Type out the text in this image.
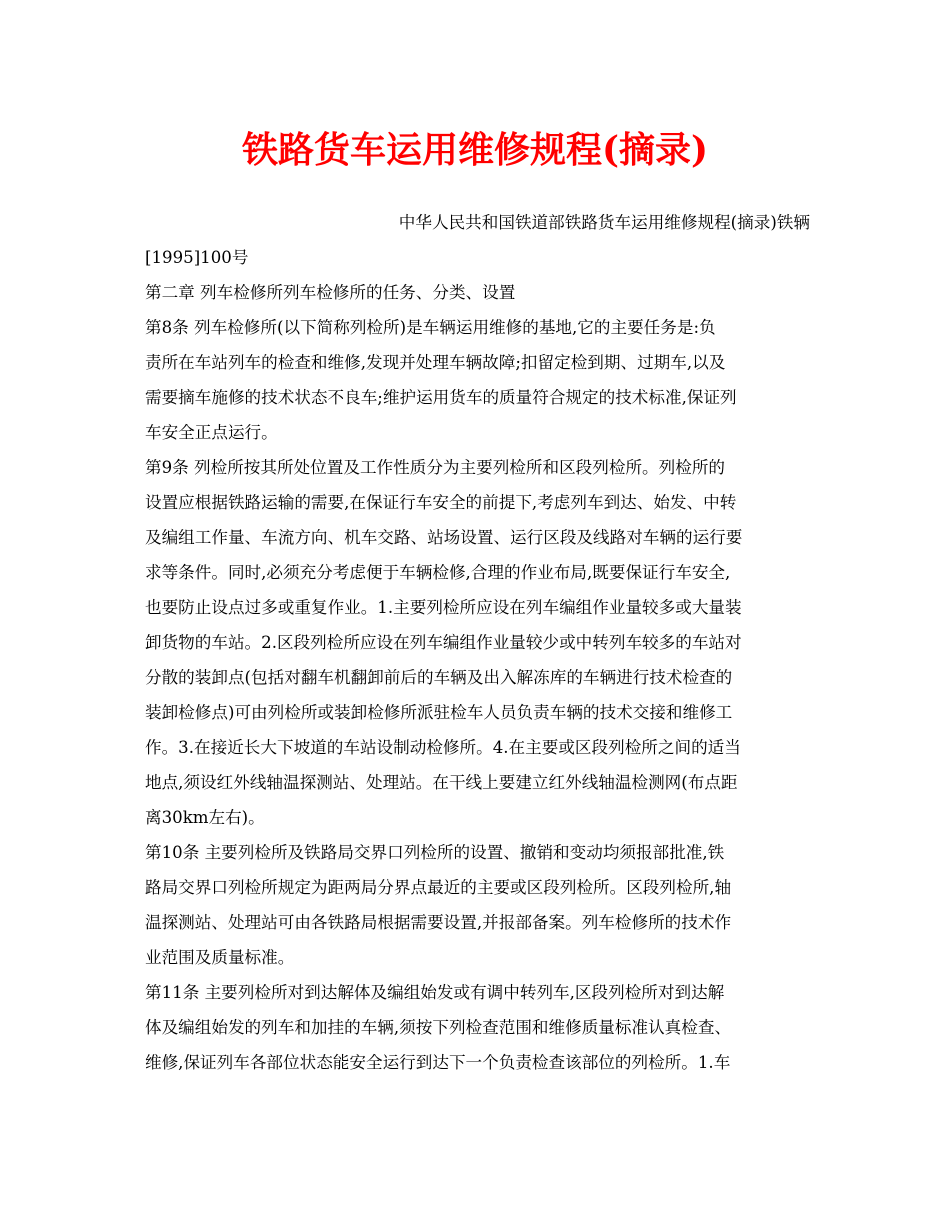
铁路货车运用维修规程(摘录)
中华人民共和国铁道部铁路货车运用维修规程(摘录)铁辆
[1995]100号
第二章 列车检修所列车检修所的任务、分类、设置
第8条 列车检修所(以下简称列检所)是车辆运用维修的基地,它的主要任务是:负
责所在车站列车的检查和维修,发现并处理车辆故障;扣留定检到期、过期车,以及
需要摘车施修的技术状态不良车;维护运用货车的质量符合规定的技术标准,保证列
车安全正点运行。
第9条 列检所按其所处位置及工作性质分为主要列检所和区段列检所。列检所的
设置应根据铁路运输的需要,在保证行车安全的前提下,考虑列车到达、始发、中转
及编组工作量、车流方向、机车交路、站场设置、运行区段及线路对车辆的运行要
求等条件。同时,必须充分考虑便于车辆检修,合理的作业布局,既要保证行车安全,
也要防止设点过多或重复作业。1.主要列检所应设在列车编组作业量较多或大量装
卸货物的车站。2.区段列检所应设在列车编组作业量较少或中转列车较多的车站对
分散的装卸点(包括对翻车机翻卸前后的车辆及出入解冻库的车辆进行技术检查的
装卸检修点)可由列检所或装卸检修所派驻检车人员负责车辆的技术交接和维修工
作。3.在接近长大下坡道的车站设制动检修所。4.在主要或区段列检所之间的适当
地点,须设红外线轴温探测站、处理站。在干线上要建立红外线轴温检测网(布点距
离30km左右)。
第10条 主要列检所及铁路局交界口列检所的设置、撤销和变动均须报部批准,铁
路局交界口列检所规定为距两局分界点最近的主要或区段列检所。区段列检所,轴
温探测站、处理站可由各铁路局根据需要设置,并报部备案。列车检修所的技术作
业范围及质量标准。
第11条 主要列检所对到达解体及编组始发或有调中转列车,区段列检所对到达解
体及编组始发的列车和加挂的车辆,须按下列检查范围和维修质量标准认真检查、
维修,保证列车各部位状态能安全运行到达下一个负责检查该部位的列检所。1.车
